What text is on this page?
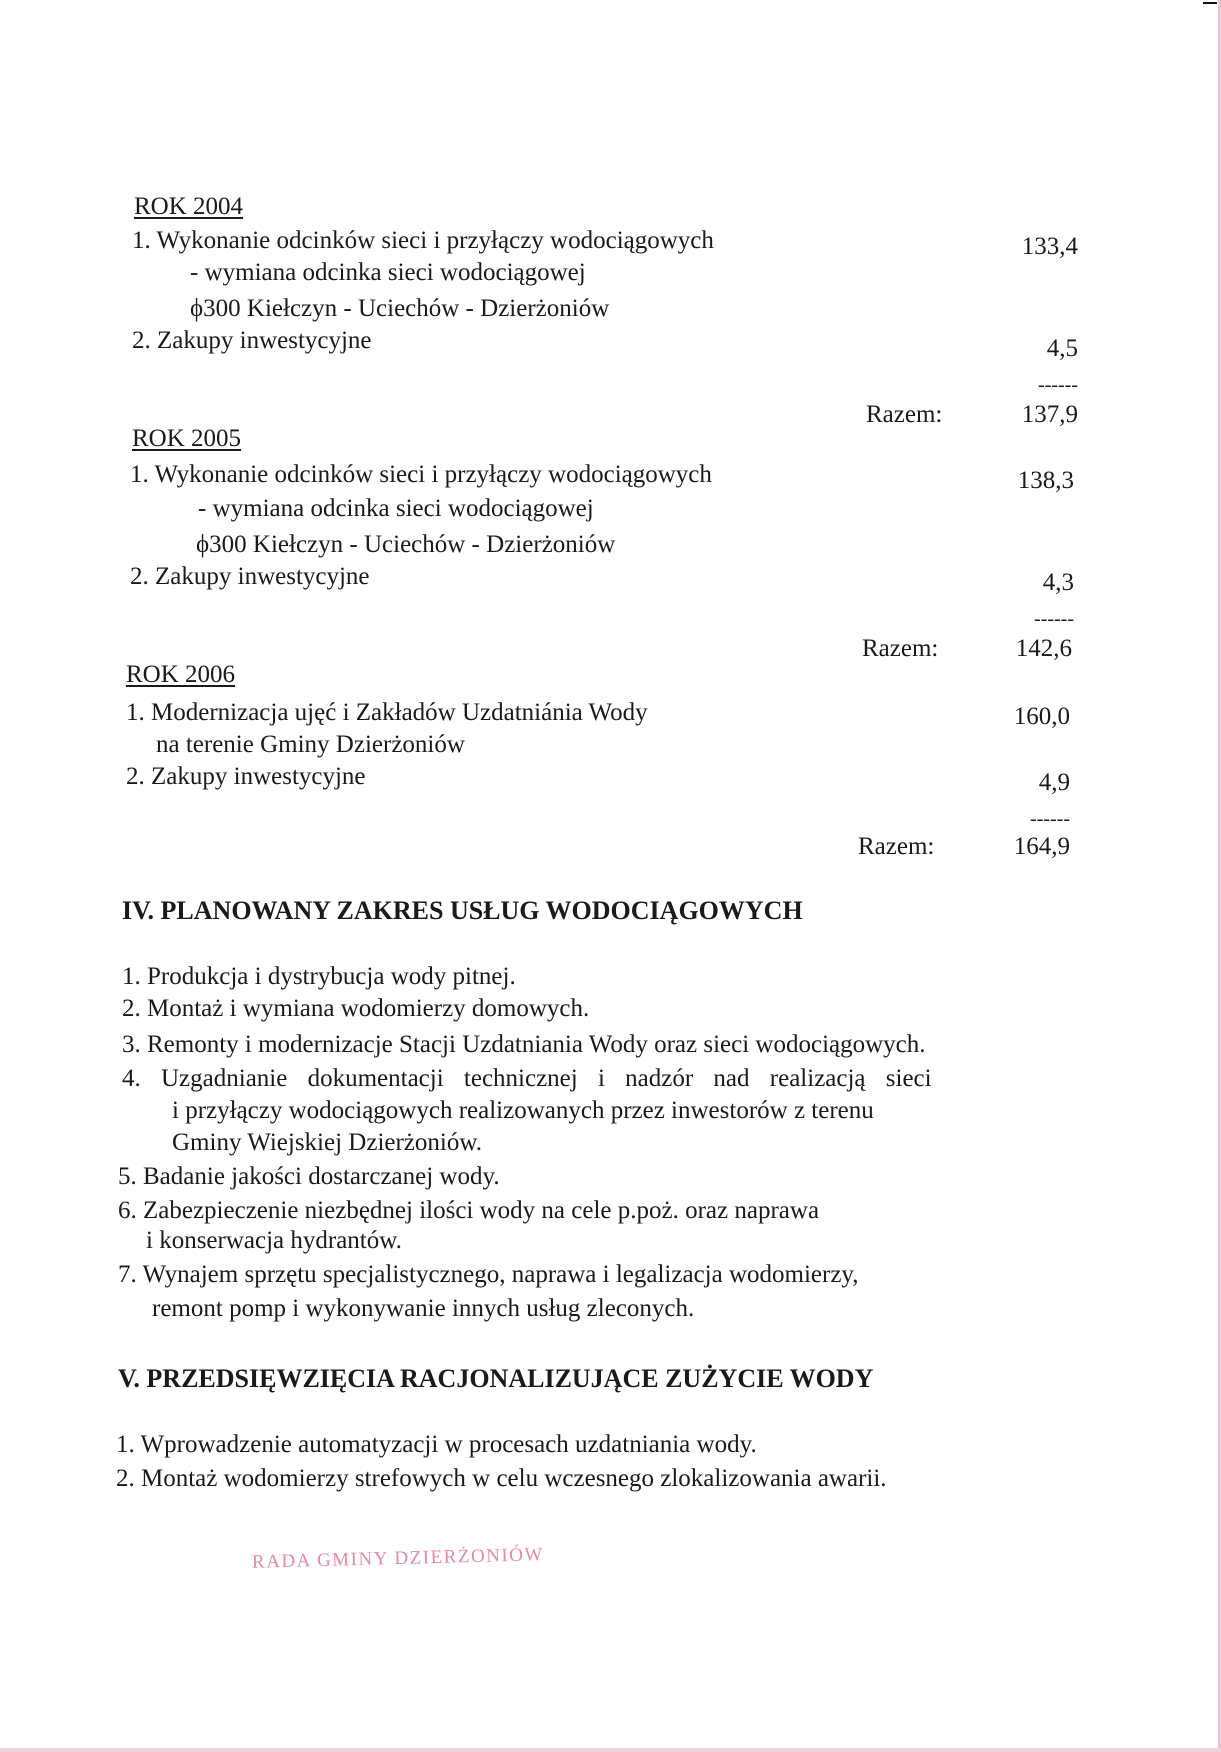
ROK 2004
1. Wykonanie odcinków sieci i przyłączy wodociągowych
- wymiana odcinka sieci wodociągowej
ϕ300 Kiełczyn - Uciechów - Dzierżoniów
133,4
2. Zakupy inwestycyjne	4,5
------
Razem:	137,9
ROK 2005
1. Wykonanie odcinków sieci i przyłączy wodociągowych
- wymiana odcinka sieci wodociągowej
ϕ300 Kiełczyn - Uciechów - Dzierżoniów
138,3
2. Zakupy inwestycyjne	4,3
------
Razem:	142,6
ROK 2006
1. Modernizacja ujęć i Zakładów Uzdatniánia Wody
na terenie Gminy Dzierżoniów
160,0
2. Zakupy inwestycyjne	4,9
------
Razem:	164,9
IV. PLANOWANY ZAKRES USŁUG WODOCIĄGOWYCH
1. Produkcja i dystrybucja wody pitnej.
2. Montaż i wymiana wodomierzy domowych.
3. Remonty i modernizacje Stacji Uzdatniania Wody oraz sieci wodociągowych.
4. Uzgadnianie dokumentacji technicznej i nadzór nad realizacją sieci
i przyłączy wodociągowych realizowanych przez inwestorów z terenu
Gminy Wiejskiej Dzierżoniów.
5. Badanie jakości dostarczanej wody.
6. Zabezpieczenie niezbędnej ilości wody na cele p.poż. oraz naprawa
i konserwacja hydrantów.
7. Wynajem sprzętu specjalistycznego, naprawa i legalizacja wodomierzy,
remont pomp i wykonywanie innych usług zleconych.
V. PRZEDSIĘWZIĘCIA RACJONALIZUJĄCE ZUŻYCIE WODY
1. Wprowadzenie automatyzacji w procesach uzdatniania wody.
2. Montaż wodomierzy strefowych w celu wczesnego zlokalizowania awarii.
RADA GMINY DZIERŻONIÓW
